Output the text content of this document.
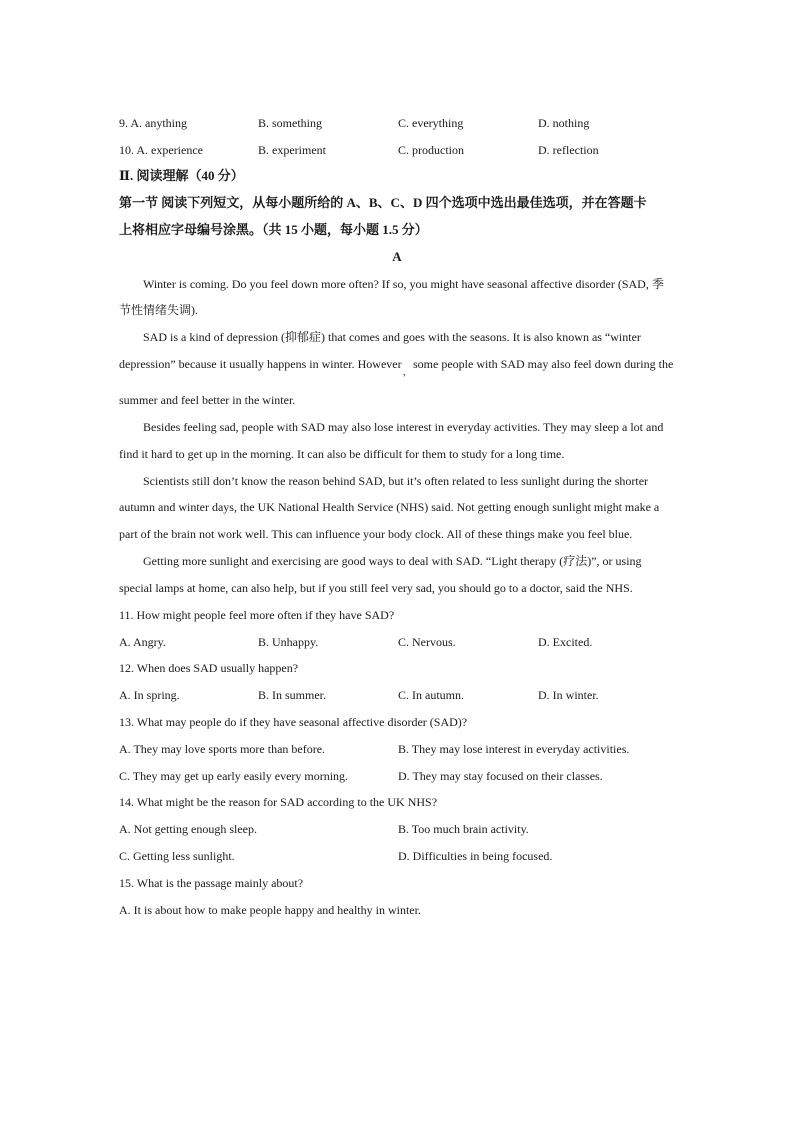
9. A. anything	B. something	C. everything	D. nothing
10. A. experience	B. experiment	C. production	D. reflection
Ⅱ. 阅读理解（40 分）
第一节 阅读下列短文，从每小题所给的 A、B、C、D 四个选项中选出最佳选项，并在答题卡
上将相应字母编号涂黑。（共 15 小题，每小题 1.5 分）
A
Winter is coming. Do you feel down more often? If so, you might have seasonal affective disorder (SAD, 季
节性情绪失调).
SAD is a kind of depression (抑郁症) that comes and goes with the seasons. It is also known as “winter
depression” because it usually happens in winter. However
,
some people with SAD may also feel down during the
summer and feel better in the winter.
Besides feeling sad, people with SAD may also lose interest in everyday activities. They may sleep a lot and
find it hard to get up in the morning. It can also be difficult for them to study for a long time.
Scientists still don’t know the reason behind SAD, but it’s often related to less sunlight during the shorter
autumn and winter days, the UK National Health Service (NHS) said. Not getting enough sunlight might make a
part of the brain not work well. This can influence your body clock. All of these things make you feel blue.
Getting more sunlight and exercising are good ways to deal with SAD. “Light therapy (疗法)”, or using
special lamps at home, can also help, but if you still feel very sad, you should go to a doctor, said the NHS.
11. How might people feel more often if they have SAD?
A. Angry.	B. Unhappy.	C. Nervous.	D. Excited.
12. When does SAD usually happen?
A. In spring.	B. In summer.	C. In autumn.	D. In winter.
13. What may people do if they have seasonal affective disorder (SAD)?
A. They may love sports more than before.	B. They may lose interest in everyday activities.
C. They may get up early easily every morning.	D. They may stay focused on their classes.
14. What might be the reason for SAD according to the UK NHS?
A. Not getting enough sleep.	B. Too much brain activity.
C. Getting less sunlight.	D. Difficulties in being focused.
15. What is the passage mainly about?
A. It is about how to make people happy and healthy in winter.
